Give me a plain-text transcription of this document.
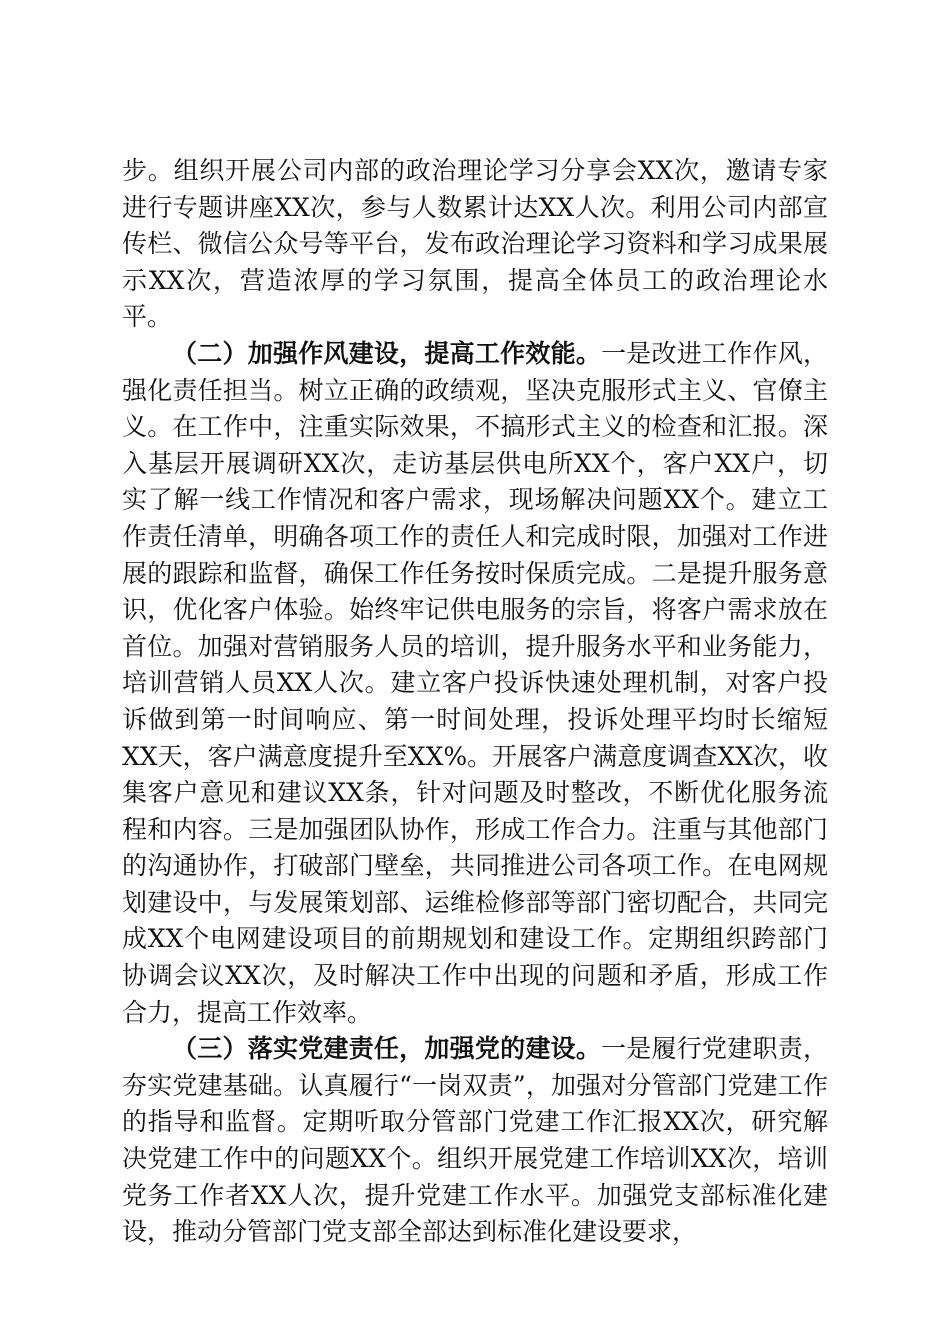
步。组织开展公司内部的政治理论学习分享会XX次，邀请专家进行专题讲座XX次，参与人数累计达XX人次。利用公司内部宣传栏、微信公众号等平台，发布政治理论学习资料和学习成果展示XX次，营造浓厚的学习氛围，提高全体员工的政治理论水平。

（二）加强作风建设，提高工作效能。一是改进工作作风，强化责任担当。树立正确的政绩观，坚决克服形式主义、官僚主义。在工作中，注重实际效果，不搞形式主义的检查和汇报。深入基层开展调研XX次，走访基层供电所XX个，客户XX户，切实了解一线工作情况和客户需求，现场解决问题XX个。建立工作责任清单，明确各项工作的责任人和完成时限，加强对工作进展的跟踪和监督，确保工作任务按时保质完成。二是提升服务意识，优化客户体验。始终牢记供电服务的宗旨，将客户需求放在首位。加强对营销服务人员的培训，提升服务水平和业务能力，培训营销人员XX人次。建立客户投诉快速处理机制，对客户投诉做到第一时间响应、第一时间处理，投诉处理平均时长缩短XX天，客户满意度提升至XX%。开展客户满意度调查XX次，收集客户意见和建议XX条，针对问题及时整改，不断优化服务流程和内容。三是加强团队协作，形成工作合力。注重与其他部门的沟通协作，打破部门壁垒，共同推进公司各项工作。在电网规划建设中，与发展策划部、运维检修部等部门密切配合，共同完成XX个电网建设项目的前期规划和建设工作。定期组织跨部门协调会议XX次，及时解决工作中出现的问题和矛盾，形成工作合力，提高工作效率。

（三）落实党建责任，加强党的建设。一是履行党建职责，夯实党建基础。认真履行“一岗双责”，加强对分管部门党建工作的指导和监督。定期听取分管部门党建工作汇报XX次，研究解决党建工作中的问题XX个。组织开展党建工作培训XX次，培训党务工作者XX人次，提升党建工作水平。加强党支部标准化建设，推动分管部门党支部全部达到标准化建设要求，
